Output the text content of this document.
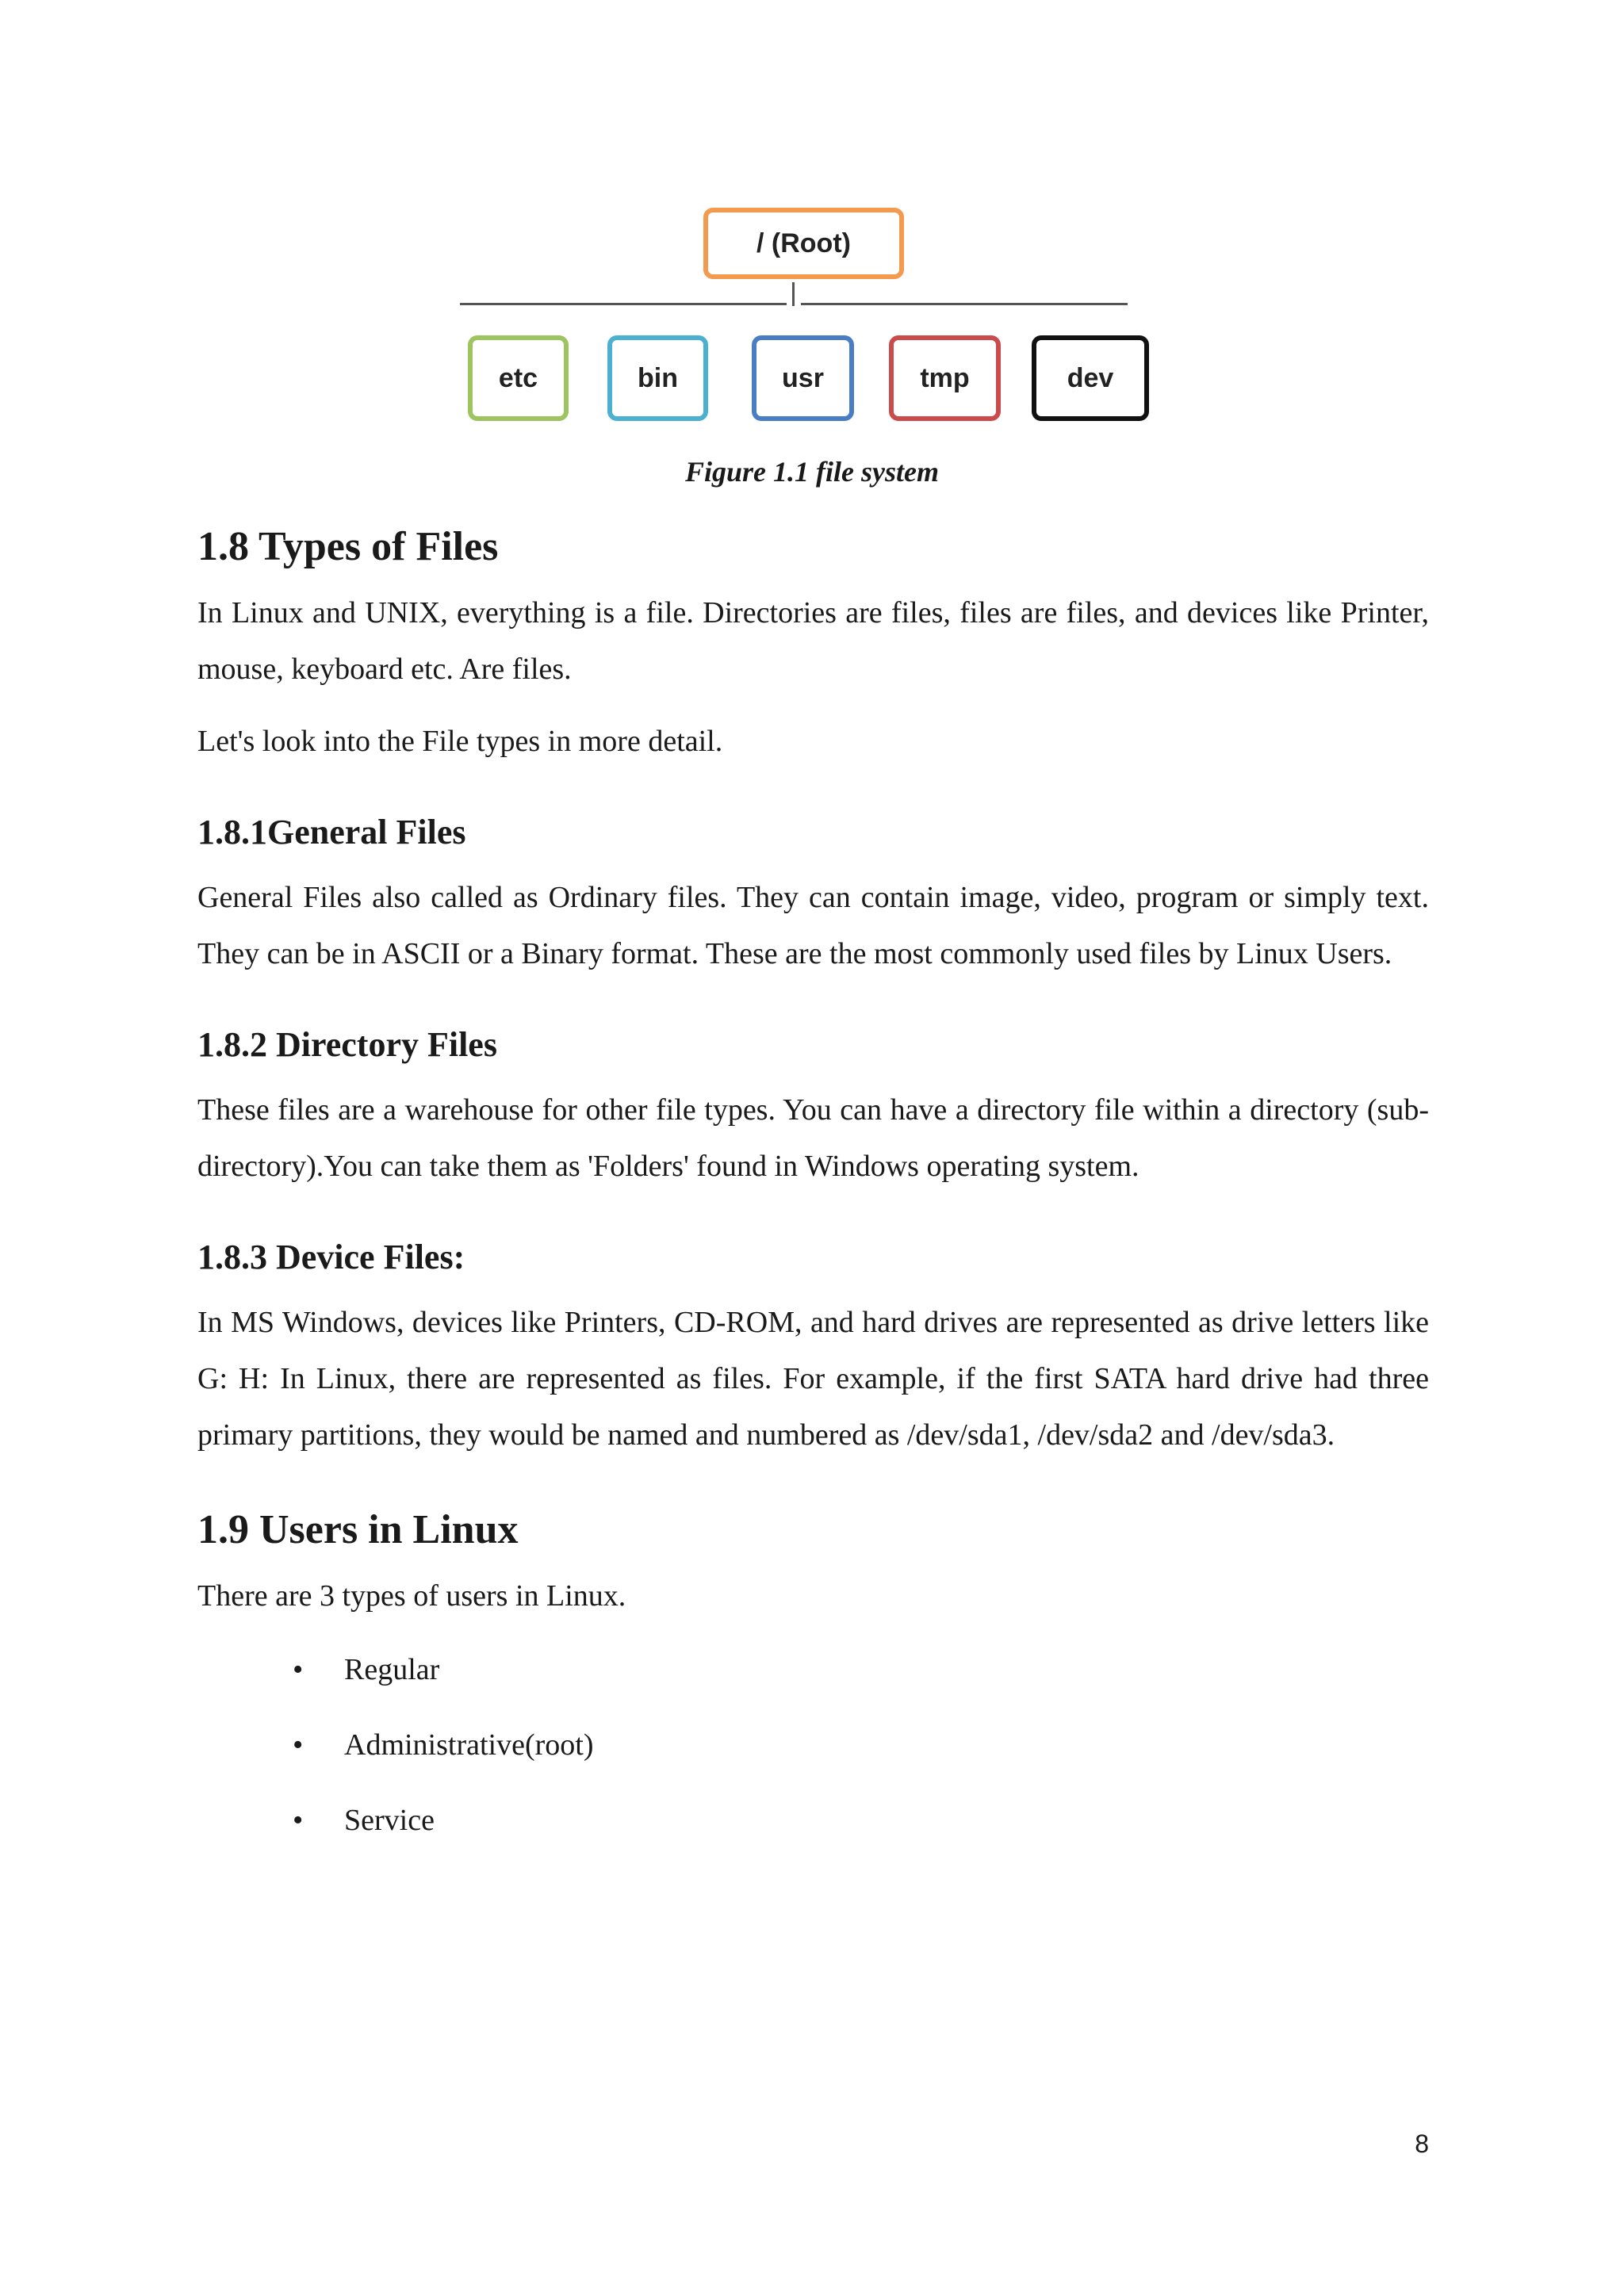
/ (Root)
etc	bin	usr	tmp	dev
Figure 1.1 file system
1.8 Types of Files

In Linux and UNIX, everything is a file. Directories are files, files are files, and devices like Printer, mouse, keyboard etc. Are files.

Let's look into the File types in more detail.

1.8.1General Files

General Files also called as Ordinary files. They can contain image, video, program or simply text. They can be in ASCII or a Binary format. These are the most commonly used files by Linux Users.

1.8.2 Directory Files

These files are a warehouse for other file types. You can have a directory file within a directory (sub-directory).You can take them as 'Folders' found in Windows operating system.

1.8.3 Device Files:

In MS Windows, devices like Printers, CD-ROM, and hard drives are represented as drive letters like G: H: In Linux, there are represented as files. For example, if the first SATA hard drive had three primary partitions, they would be named and numbered as /dev/sda1, /dev/sda2 and /dev/sda3.

1.9 Users in Linux

There are 3 types of users in Linux.

• Regular
• Administrative(root)
• Service
8
